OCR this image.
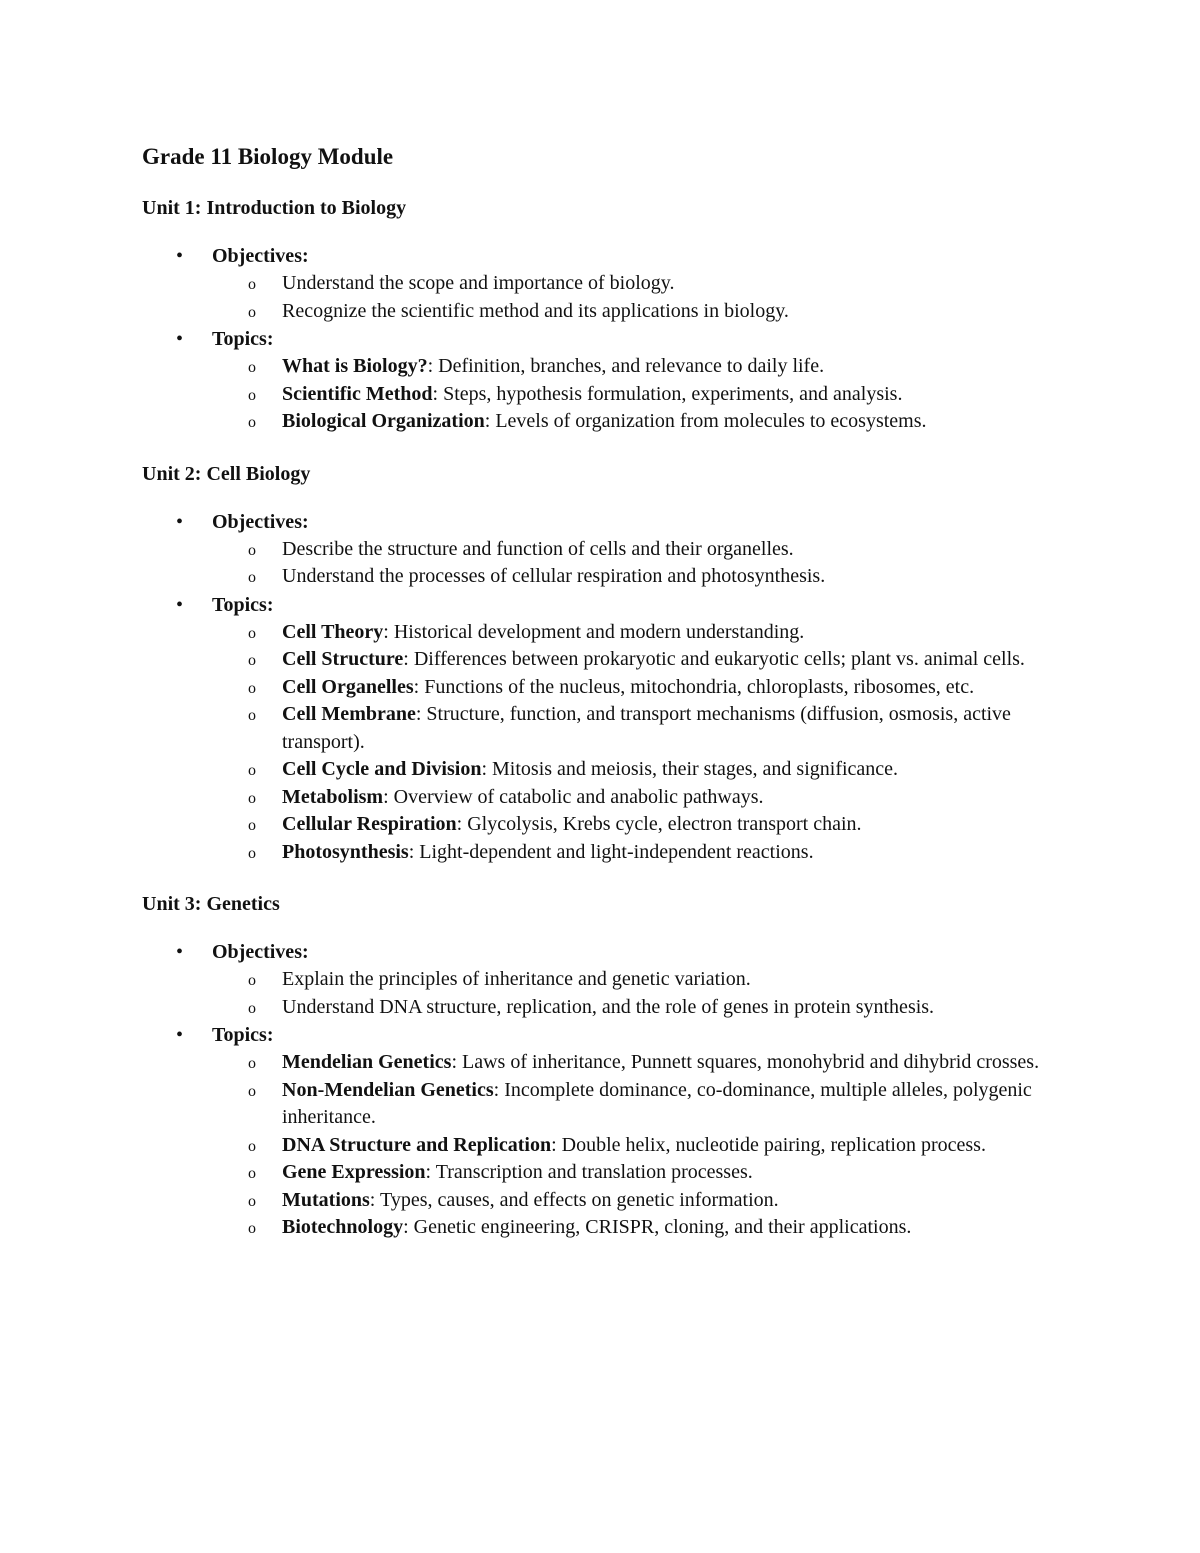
Grade 11 Biology Module
Unit 1: Introduction to Biology
•	Objectives:
o Understand the scope and importance of biology.
o Recognize the scientific method and its applications in biology.
•	Topics:
o What is Biology?: Definition, branches, and relevance to daily life.
o Scientific Method: Steps, hypothesis formulation, experiments, and analysis.
o Biological Organization: Levels of organization from molecules to ecosystems.
Unit 2: Cell Biology
•	Objectives:
o Describe the structure and function of cells and their organelles.
o Understand the processes of cellular respiration and photosynthesis.
•	Topics:
o Cell Theory: Historical development and modern understanding.
o Cell Structure: Differences between prokaryotic and eukaryotic cells; plant vs. animal cells.
o Cell Organelles: Functions of the nucleus, mitochondria, chloroplasts, ribosomes, etc.
o Cell Membrane: Structure, function, and transport mechanisms (diffusion, osmosis, active transport).
o Cell Cycle and Division: Mitosis and meiosis, their stages, and significance.
o Metabolism: Overview of catabolic and anabolic pathways.
o Cellular Respiration: Glycolysis, Krebs cycle, electron transport chain.
o Photosynthesis: Light-dependent and light-independent reactions.
Unit 3: Genetics
•	Objectives:
o Explain the principles of inheritance and genetic variation.
o Understand DNA structure, replication, and the role of genes in protein synthesis.
•	Topics:
o Mendelian Genetics: Laws of inheritance, Punnett squares, monohybrid and dihybrid crosses.
o Non-Mendelian Genetics: Incomplete dominance, co-dominance, multiple alleles, polygenic inheritance.
o DNA Structure and Replication: Double helix, nucleotide pairing, replication process.
o Gene Expression: Transcription and translation processes.
o Mutations: Types, causes, and effects on genetic information.
o Biotechnology: Genetic engineering, CRISPR, cloning, and their applications.
